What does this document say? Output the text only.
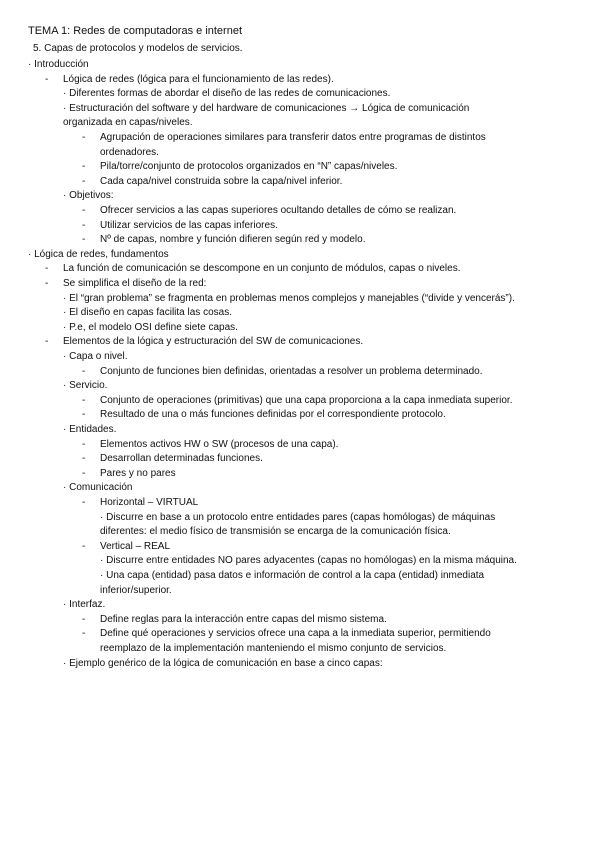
TEMA 1: Redes de computadoras e internet
5. Capas de protocolos y modelos de servicios.
· Introducción
- Lógica de redes (lógica para el funcionamiento de las redes).
· Diferentes formas de abordar el diseño de las redes de comunicaciones.
· Estructuración del software y del hardware de comunicaciones → Lógica de comunicación
organizada en capas/niveles.
- Agrupación de operaciones similares para transferir datos entre programas de distintos
ordenadores.
- Pila/torre/conjunto de protocolos organizados en “N” capas/niveles.
- Cada capa/nivel construida sobre la capa/nivel inferior.
· Objetivos:
- Ofrecer servicios a las capas superiores ocultando detalles de cómo se realizan.
- Utilizar servicios de las capas inferiores.
- Nº de capas, nombre y función difieren según red y modelo.
· Lógica de redes, fundamentos
- La función de comunicación se descompone en un conjunto de módulos, capas o niveles.
- Se simplifica el diseño de la red:
· El “gran problema” se fragmenta en problemas menos complejos y manejables (“divide y vencerás”).
· El diseño en capas facilita las cosas.
· P.e, el modelo OSI define siete capas.
- Elementos de la lógica y estructuración del SW de comunicaciones.
· Capa o nivel.
- Conjunto de funciones bien definidas, orientadas a resolver un problema determinado.
· Servicio.
- Conjunto de operaciones (primitivas) que una capa proporciona a la capa inmediata superior.
- Resultado de una o más funciones definidas por el correspondiente protocolo.
· Entidades.
- Elementos activos HW o SW (procesos de una capa).
- Desarrollan determinadas funciones.
- Pares y no pares
· Comunicación
- Horizontal – VIRTUAL
· Discurre en base a un protocolo entre entidades pares (capas homólogas) de máquinas
diferentes: el medio físico de transmisión se encarga de la comunicación física.
- Vertical – REAL
· Discurre entre entidades NO pares adyacentes (capas no homólogas) en la misma máquina.
· Una capa (entidad) pasa datos e información de control a la capa (entidad) inmediata
inferior/superior.
· Interfaz.
- Define reglas para la interacción entre capas del mismo sistema.
- Define qué operaciones y servicios ofrece una capa a la inmediata superior, permitiendo
reemplazo de la implementación manteniendo el mismo conjunto de servicios.
· Ejemplo genérico de la lógica de comunicación en base a cinco capas:
